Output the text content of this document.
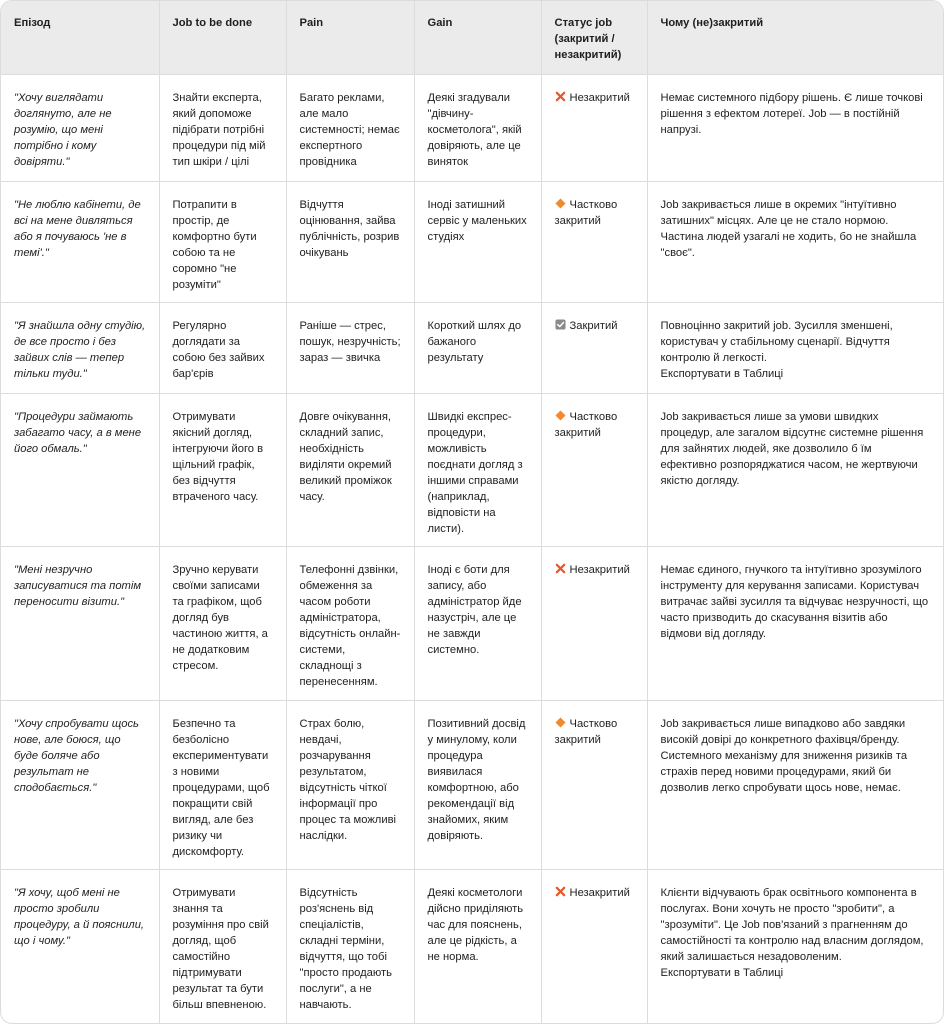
Епізод	Job to be done	Pain	Gain	Статус job (закритий / незакритий)	Чому (не)закритий
"Хочу виглядати доглянуто, але не розумію, що мені потрібно і кому довіряти."	Знайти експерта, який допоможе підібрати потрібні процедури під мій тип шкіри / цілі	Багато реклами, але мало системності; немає експертного провідника	Деякі згадували "дівчину-косметолога", якій довіряють, але це виняток	Незакритий	Немає системного підбору рішень. Є лише точкові рішення з ефектом лотереї. Job — в постійній напрузі.
"Не люблю кабінети, де всі на мене дивляться або я почуваюсь 'не в темі'."	Потрапити в простір, де комфортно бути собою та не соромно "не розуміти"	Відчуття оцінювання, зайва публічність, розрив очікувань	Іноді затишний сервіс у маленьких студіях	Частково закритий	Job закривається лише в окремих "інтуїтивно затишних" місцях. Але це не стало нормою. Частина людей узагалі не ходить, бо не знайшла "своє".
"Я знайшла одну студію, де все просто і без зайвих слів — тепер тільки туди."	Регулярно доглядати за собою без зайвих бар'єрів	Раніше — стрес, пошук, незручність; зараз — звичка	Короткий шлях до бажаного результату	Закритий	Повноцінно закритий job. Зусилля зменшені, користувач у стабільному сценарії. Відчуття контролю й легкості.
Експортувати в Таблиці
"Процедури займають забагато часу, а в мене його обмаль."	Отримувати якісний догляд, інтегруючи його в щільний графік, без відчуття втраченого часу.	Довге очікування, складний запис, необхідність виділяти окремий великий проміжок часу.	Швидкі експрес-процедури, можливість поєднати догляд з іншими справами (наприклад, відповісти на листи).	Частково закритий	Job закривається лише за умови швидких процедур, але загалом відсутнє системне рішення для зайнятих людей, яке дозволило б їм ефективно розпоряджатися часом, не жертвуючи якістю догляду.
"Мені незручно записуватися та потім переносити візити."	Зручно керувати своїми записами та графіком, щоб догляд був частиною життя, а не додатковим стресом.	Телефонні дзвінки, обмеження за часом роботи адміністратора, відсутність онлайн-системи, складнощі з перенесенням.	Іноді є боти для запису, або адміністратор йде назустріч, але це не завжди системно.	Незакритий	Немає єдиного, гнучкого та інтуїтивно зрозумілого інструменту для керування записами. Користувач витрачає зайві зусилля та відчуває незручності, що часто призводить до скасування візитів або відмови від догляду.
"Хочу спробувати щось нове, але боюся, що буде боляче або результат не сподобається."	Безпечно та безболісно експериментувати з новими процедурами, щоб покращити свій вигляд, але без ризику чи дискомфорту.	Страх болю, невдачі, розчарування результатом, відсутність чіткої інформації про процес та можливі наслідки.	Позитивний досвід у минулому, коли процедура виявилася комфортною, або рекомендації від знайомих, яким довіряють.	Частково закритий	Job закривається лише випадково або завдяки високій довірі до конкретного фахівця/бренду. Системного механізму для зниження ризиків та страхів перед новими процедурами, який би дозволив легко спробувати щось нове, немає.
"Я хочу, щоб мені не просто зробили процедуру, а й пояснили, що і чому."	Отримувати знання та розуміння про свій догляд, щоб самостійно підтримувати результат та бути більш впевненою.	Відсутність роз'яснень від спеціалістів, складні терміни, відчуття, що тобі "просто продають послуги", а не навчають.	Деякі косметологи дійсно приділяють час для пояснень, але це рідкість, а не норма.	Незакритий	Клієнти відчувають брак освітнього компонента в послугах. Вони хочуть не просто "зробити", а "зрозуміти". Це Job пов'язаний з прагненням до самостійності та контролю над власним доглядом, який залишається незадоволеним.
Експортувати в Таблиці
